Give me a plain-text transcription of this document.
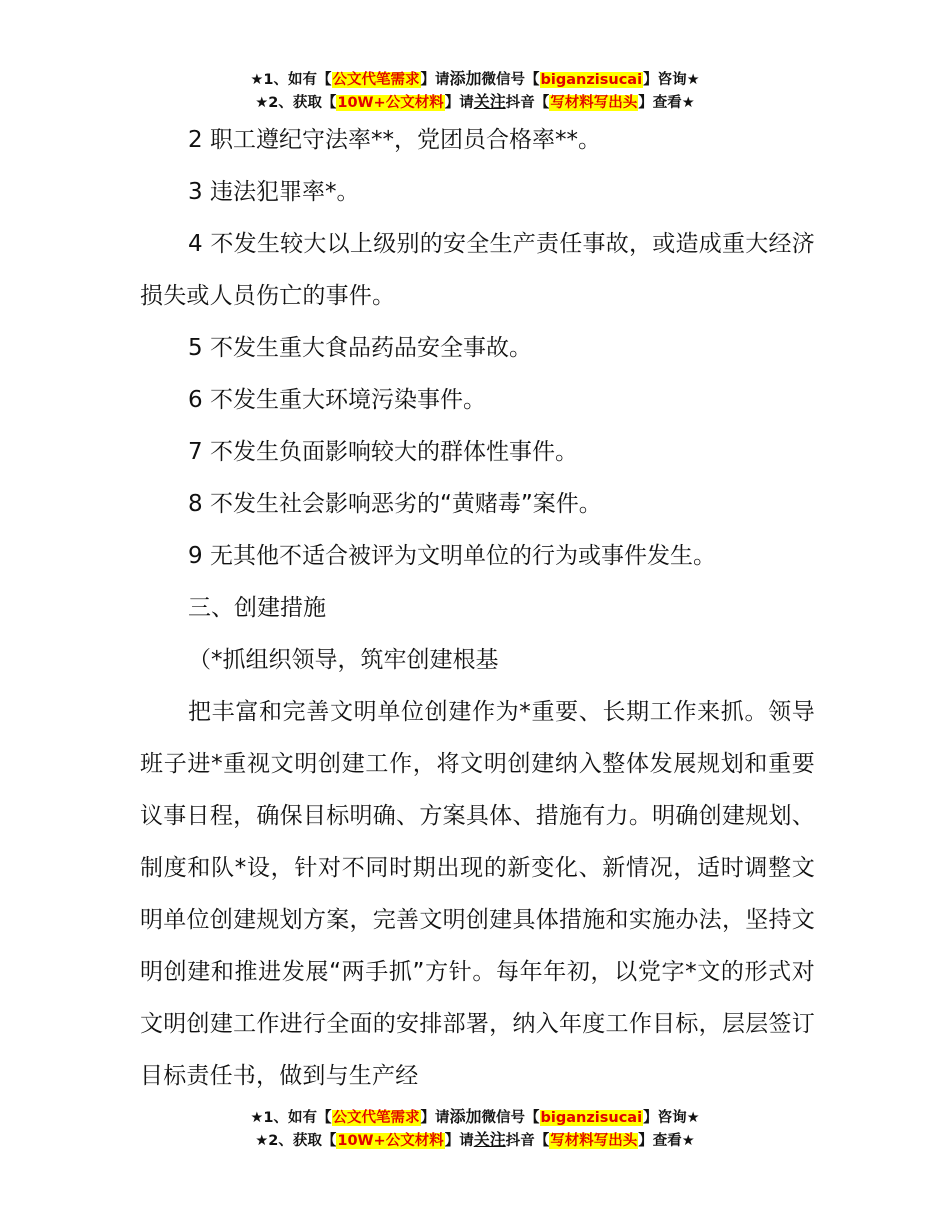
★1、如有【公文代笔需求】请添加微信号【biganzisucai】咨询★
★2、获取【10W+公文材料】请关注抖音【写材料写出头】查看★

2 职工遵纪守法率**，党团员合格率**。

3 违法犯罪率*。

4 不发生较大以上级别的安全生产责任事故，或造成重大经济损失或人员伤亡的事件。

5 不发生重大食品药品安全事故。

6 不发生重大环境污染事件。

7 不发生负面影响较大的群体性事件。

8 不发生社会影响恶劣的“黄赌毒”案件。

9 无其他不适合被评为文明单位的行为或事件发生。

三、创建措施

（*抓组织领导，筑牢创建根基

把丰富和完善文明单位创建作为*重要、长期工作来抓。领导班子进*重视文明创建工作，将文明创建纳入整体发展规划和重要议事日程，确保目标明确、方案具体、措施有力。明确创建规划、制度和队*设，针对不同时期出现的新变化、新情况，适时调整文明单位创建规划方案，完善文明创建具体措施和实施办法，坚持文明创建和推进发展“两手抓”方针。每年年初，以党字*文的形式对文明创建工作进行全面的安排部署，纳入年度工作目标，层层签订目标责任书，做到与生产经

★1、如有【公文代笔需求】请添加微信号【biganzisucai】咨询★
★2、获取【10W+公文材料】请关注抖音【写材料写出头】查看★
